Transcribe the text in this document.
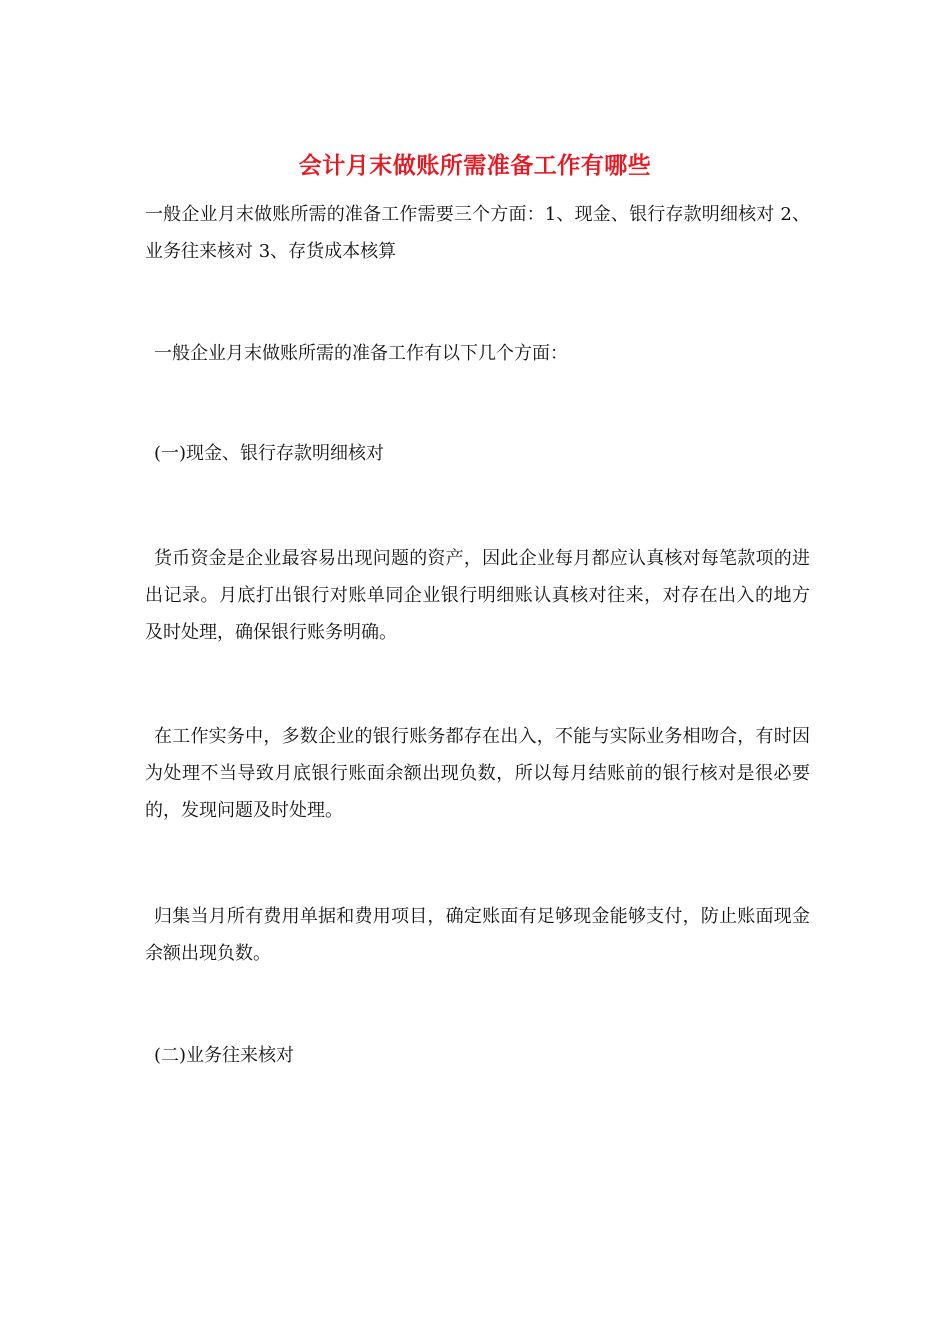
会计月末做账所需准备工作有哪些

一般企业月末做账所需的准备工作需要三个方面：1、现金、银行存款明细核对 2、业务往来核对 3、存货成本核算

一般企业月末做账所需的准备工作有以下几个方面：

(一)现金、银行存款明细核对

货币资金是企业最容易出现问题的资产，因此企业每月都应认真核对每笔款项的进出记录。月底打出银行对账单同企业银行明细账认真核对往来，对存在出入的地方及时处理，确保银行账务明确。

在工作实务中，多数企业的银行账务都存在出入，不能与实际业务相吻合，有时因为处理不当导致月底银行账面余额出现负数，所以每月结账前的银行核对是很必要的，发现问题及时处理。

归集当月所有费用单据和费用项目，确定账面有足够现金能够支付，防止账面现金余额出现负数。

(二)业务往来核对
